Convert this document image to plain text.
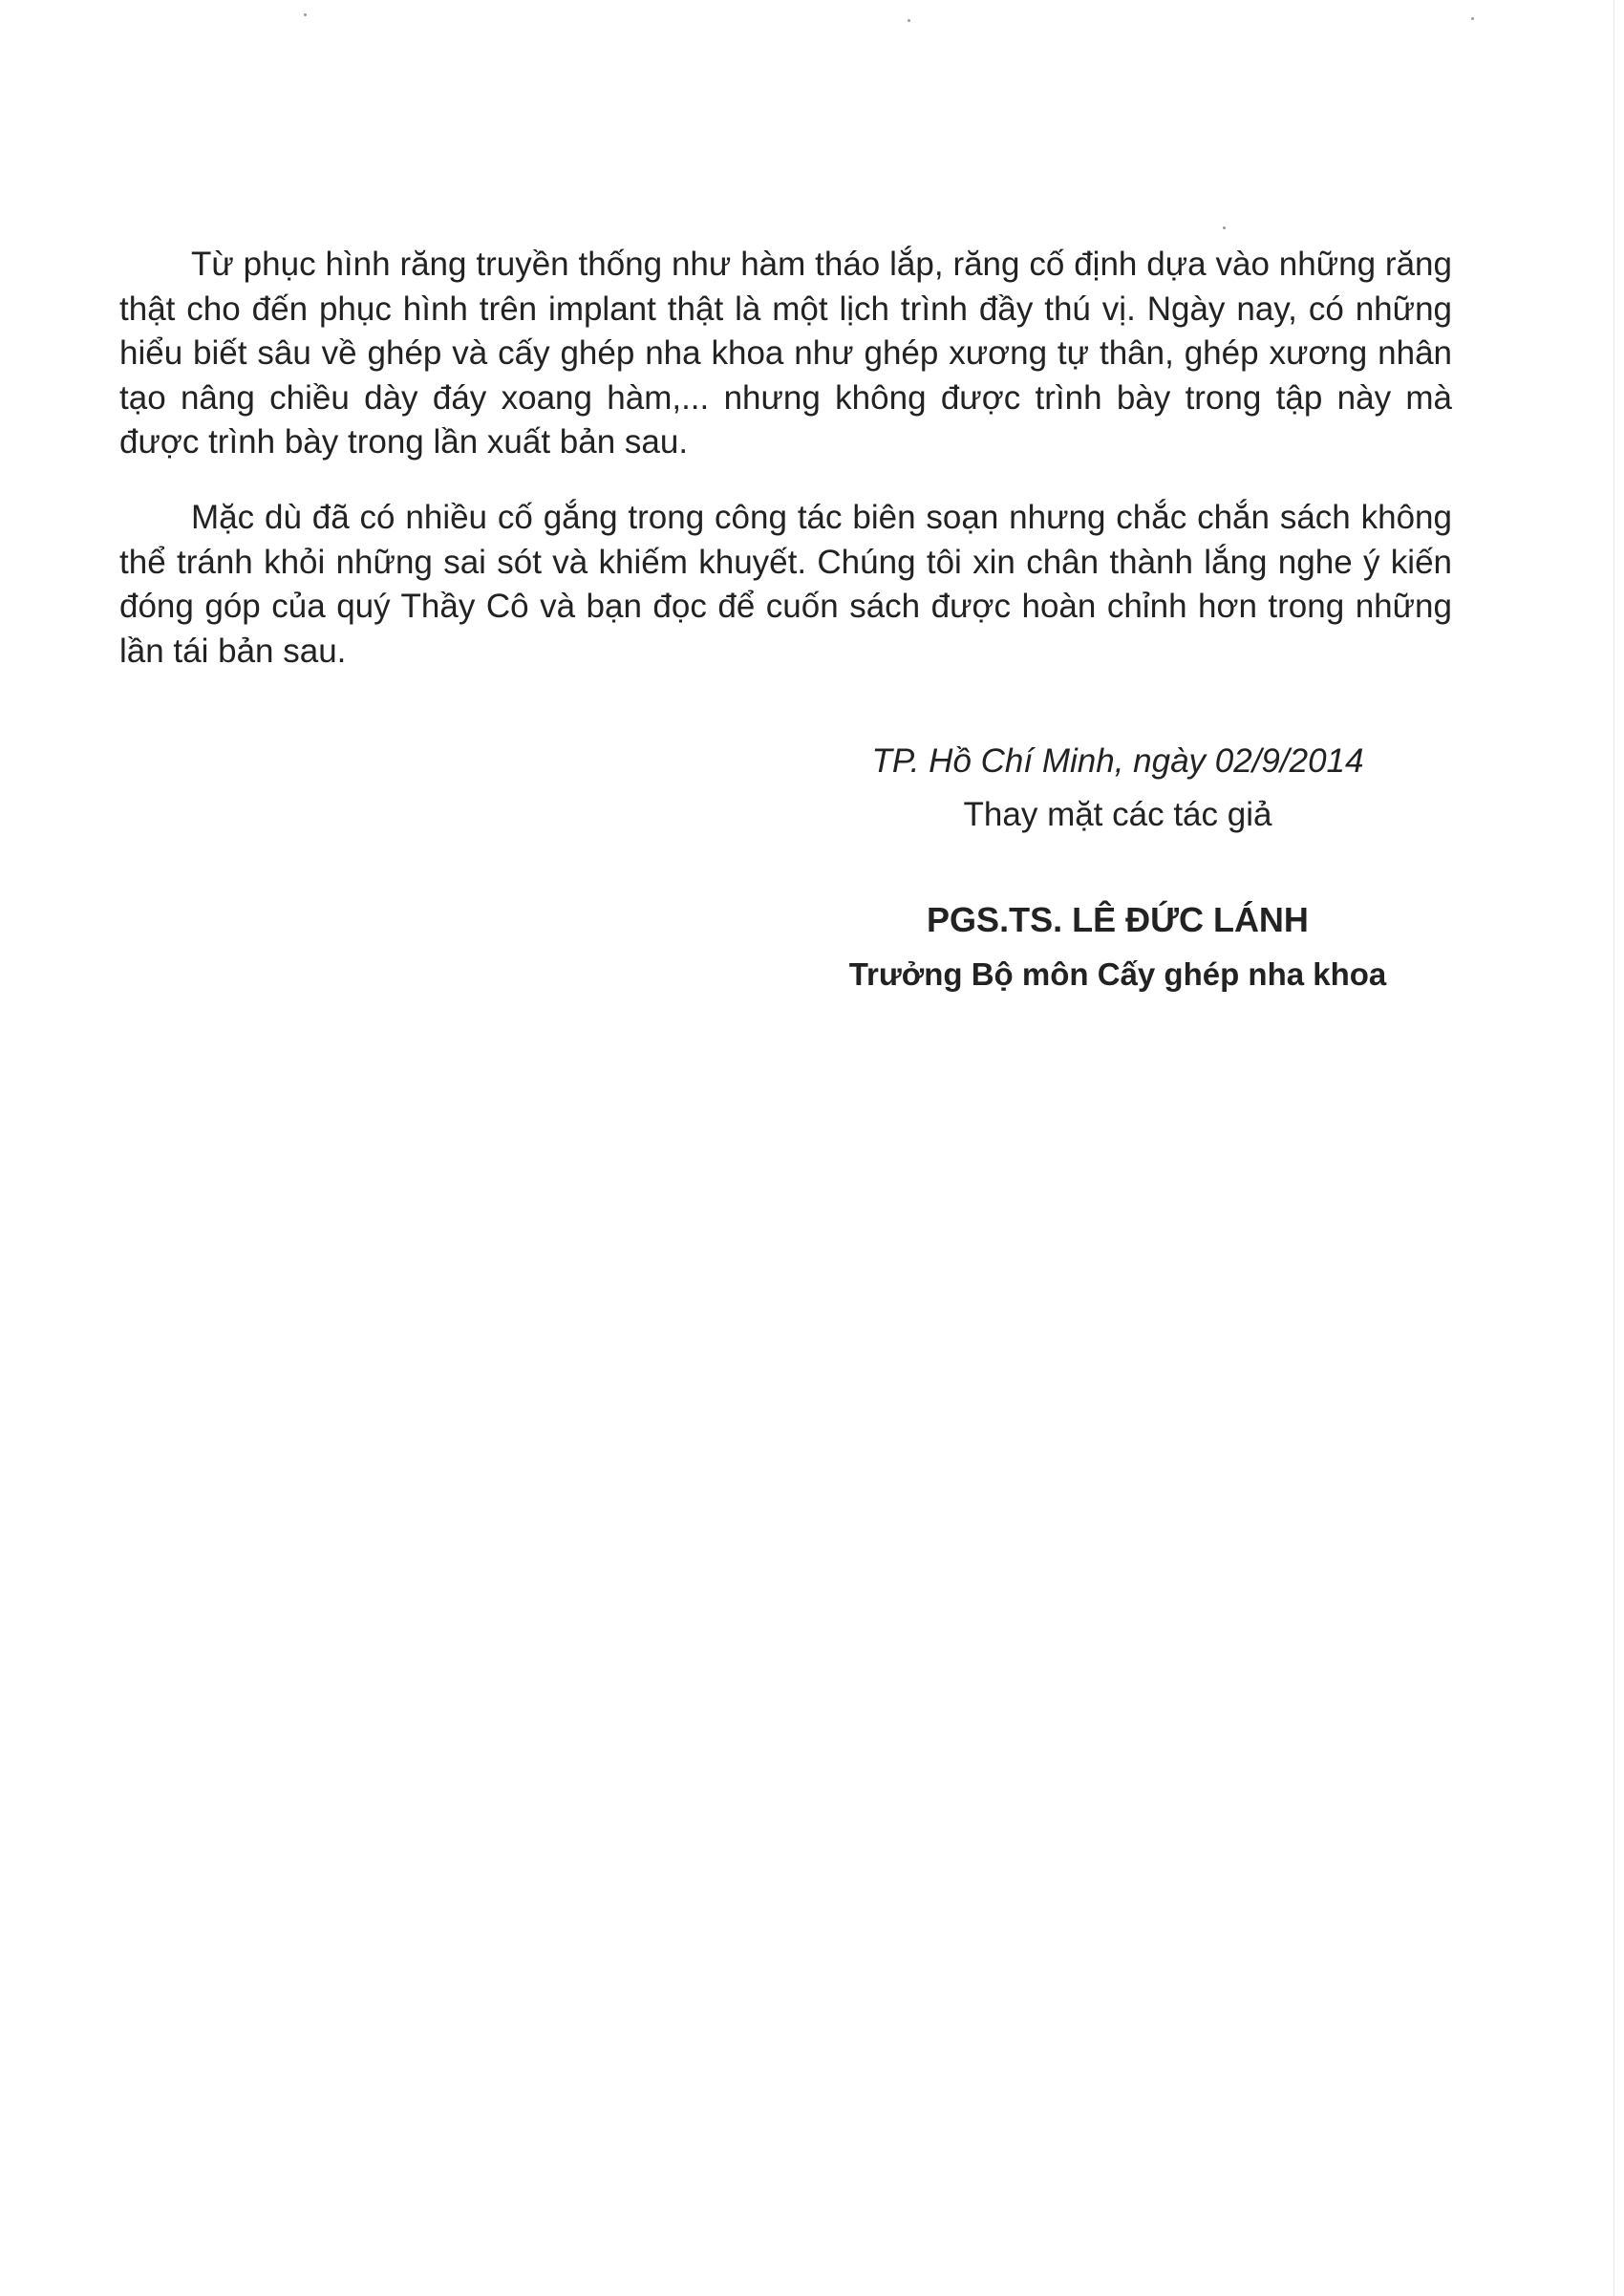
Từ phục hình răng truyền thống như hàm tháo lắp, răng cố định dựa vào những răng thật cho đến phục hình trên implant thật là một lịch trình đầy thú vị. Ngày nay, có những hiểu biết sâu về ghép và cấy ghép nha khoa như ghép xương tự thân, ghép xương nhân tạo nâng chiều dày đáy xoang hàm,... nhưng không được trình bày trong tập này mà được trình bày trong lần xuất bản sau.

Mặc dù đã có nhiều cố gắng trong công tác biên soạn nhưng chắc chắn sách không thể tránh khỏi những sai sót và khiếm khuyết. Chúng tôi xin chân thành lắng nghe ý kiến đóng góp của quý Thầy Cô và bạn đọc để cuốn sách được hoàn chỉnh hơn trong những lần tái bản sau.

TP. Hồ Chí Minh, ngày 02/9/2014
Thay mặt các tác giả
PGS.TS. LÊ ĐỨC LÁNH
Trưởng Bộ môn Cấy ghép nha khoa
